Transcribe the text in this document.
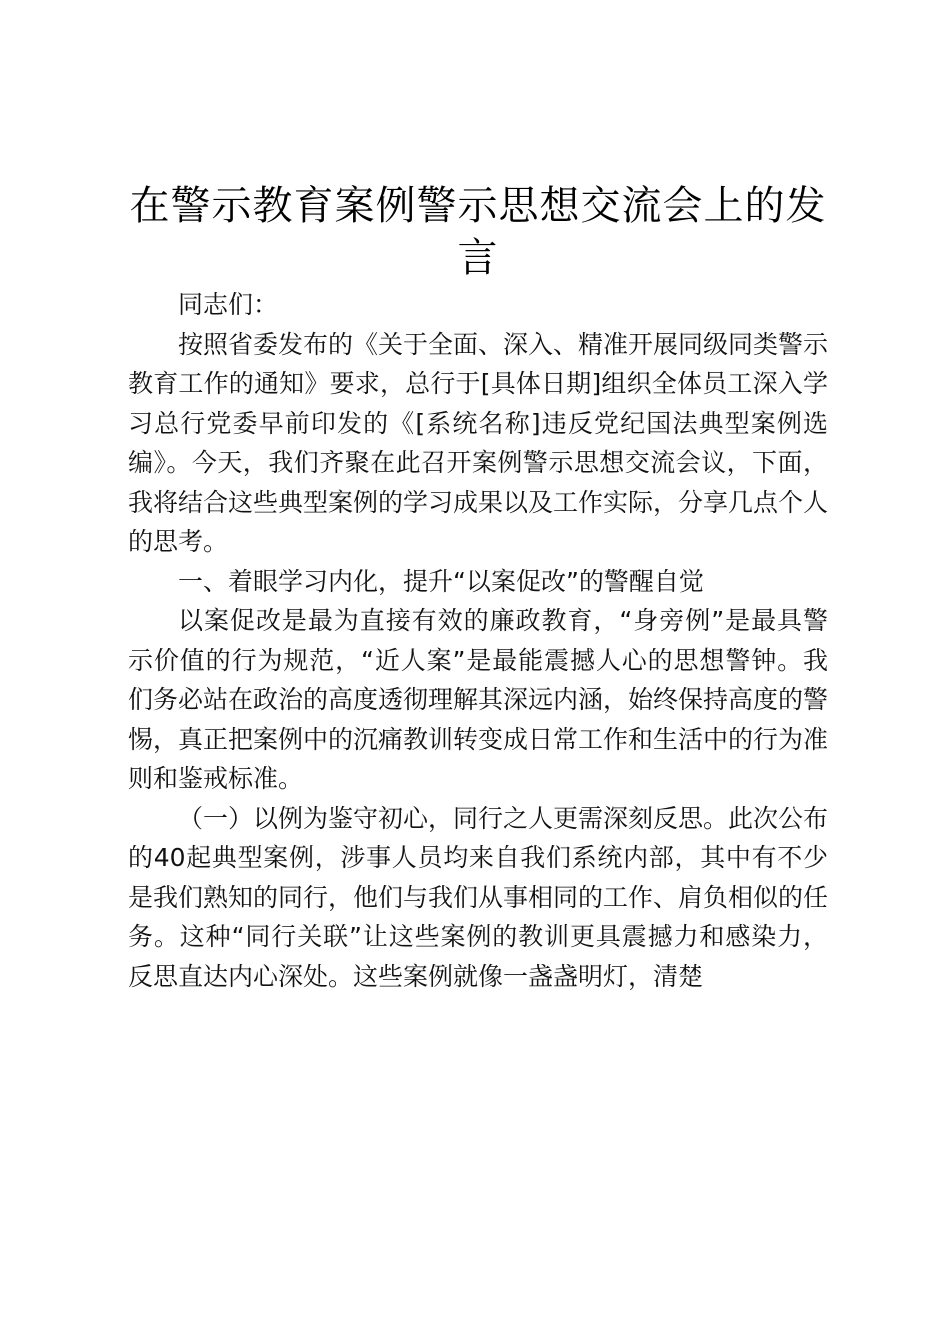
在警示教育案例警示思想交流会上的发言

同志们：

按照省委发布的《关于全面、深入、精准开展同级同类警示教育工作的通知》要求，总行于[具体日期]组织全体员工深入学习总行党委早前印发的《[系统名称]违反党纪国法典型案例选编》。今天，我们齐聚在此召开案例警示思想交流会议，下面，我将结合这些典型案例的学习成果以及工作实际，分享几点个人的思考。

一、着眼学习内化，提升“以案促改”的警醒自觉

以案促改是最为直接有效的廉政教育，“身旁例”是最具警示价值的行为规范，“近人案”是最能震撼人心的思想警钟。我们务必站在政治的高度透彻理解其深远内涵，始终保持高度的警惕，真正把案例中的沉痛教训转变成日常工作和生活中的行为准则和鉴戒标准。

（一）以例为鉴守初心，同行之人更需深刻反思。此次公布的40起典型案例，涉事人员均来自我们系统内部，其中有不少是我们熟知的同行，他们与我们从事相同的工作、肩负相似的任务。这种“同行关联”让这些案例的教训更具震撼力和感染力，反思直达内心深处。这些案例就像一盏盏明灯，清楚
